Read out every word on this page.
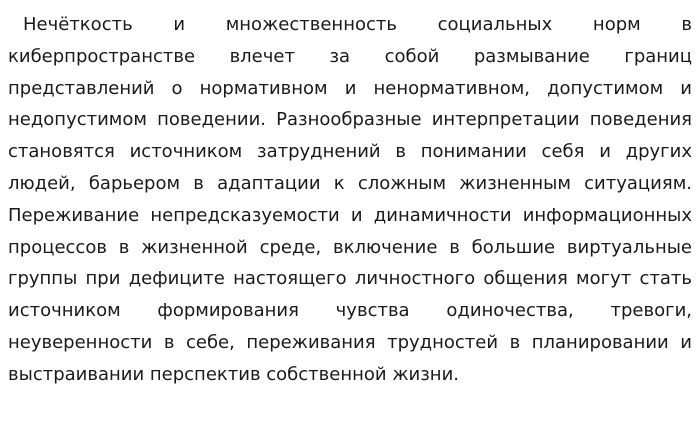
Нечёткость и множественность социальных норм в киберпространстве влечет за собой размывание границ представлений о нормативном и ненормативном, допустимом и недопустимом поведении. Разнообразные интерпретации поведения становятся источником затруднений в понимании себя и других людей, барьером в адаптации к сложным жизненным ситуациям. Переживание непредсказуемости и динамичности информационных процессов в жизненной среде, включение в большие виртуальные группы при дефиците настоящего личностного общения могут стать источником формирования чувства одиночества, тревоги, неуверенности в себе, переживания трудностей в планировании и выстраивании перспектив собственной жизни.
